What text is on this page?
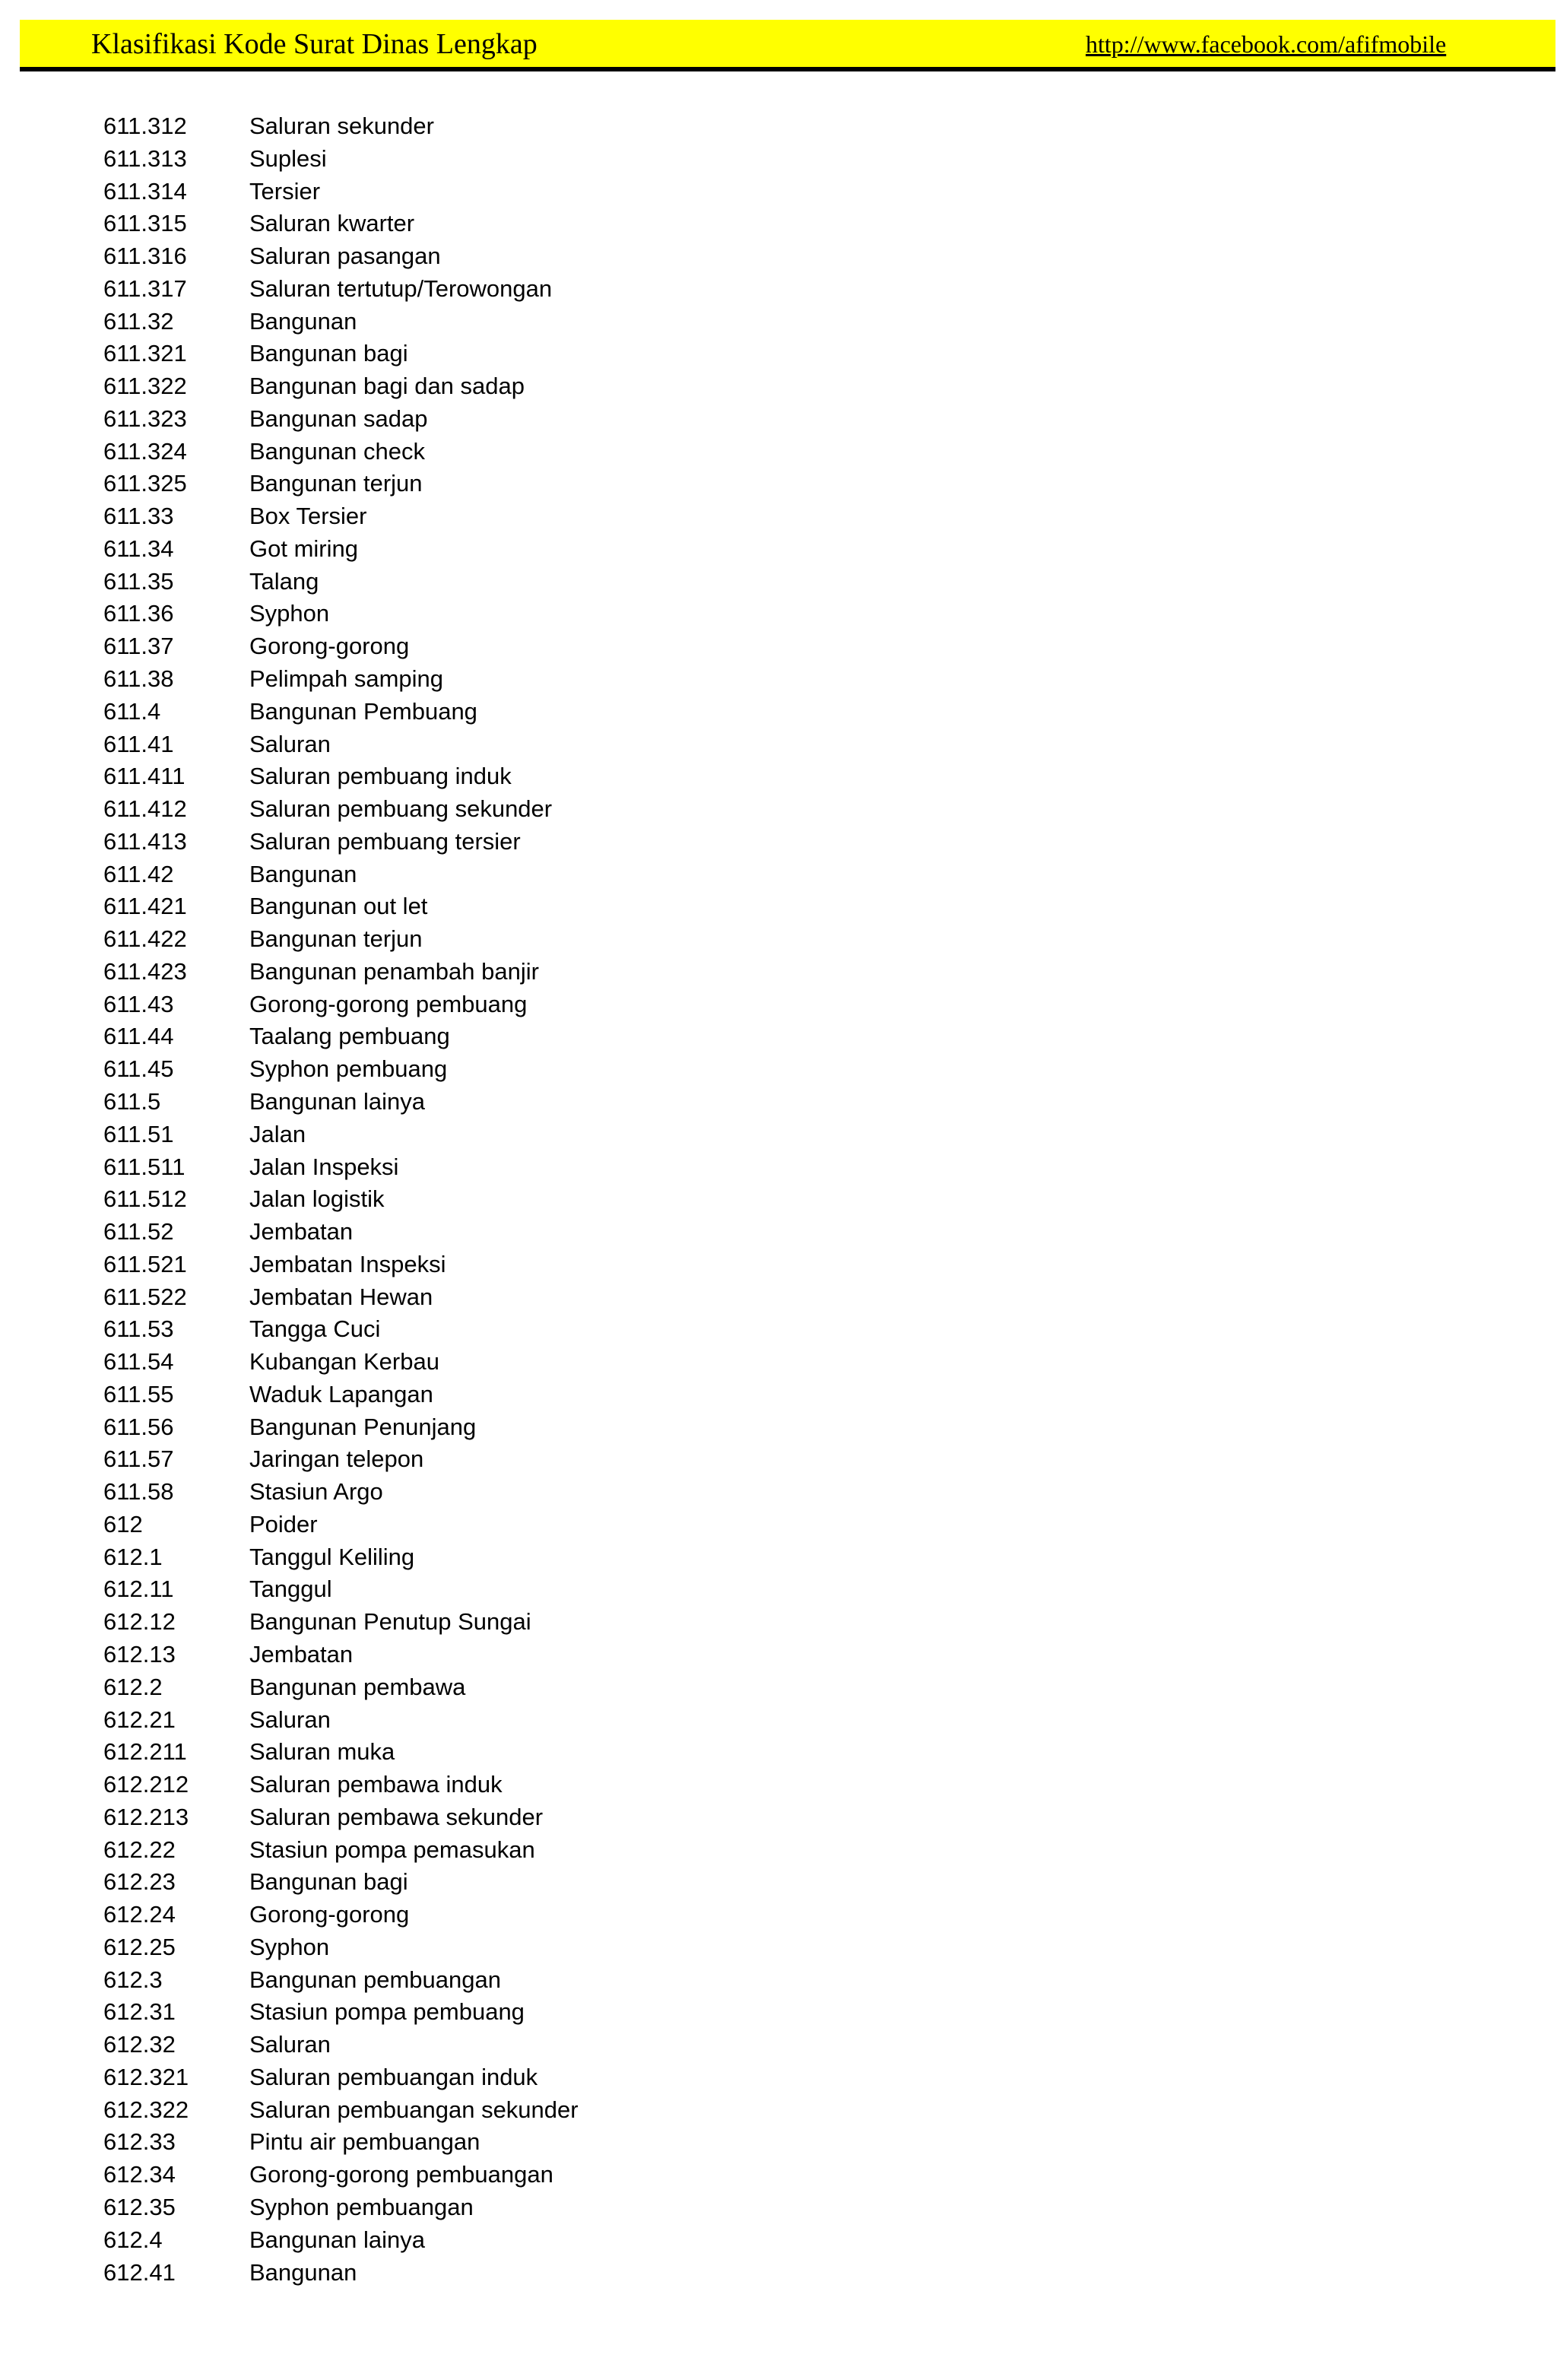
Klasifikasi Kode Surat Dinas Lengkap	http://www.facebook.com/afifmobile
611.312	Saluran sekunder
611.313	Suplesi
611.314	Tersier
611.315	Saluran kwarter
611.316	Saluran pasangan
611.317	Saluran tertutup/Terowongan
611.32	Bangunan
611.321	Bangunan bagi
611.322	Bangunan bagi dan sadap
611.323	Bangunan sadap
611.324	Bangunan check
611.325	Bangunan terjun
611.33	Box Tersier
611.34	Got miring
611.35	Talang
611.36	Syphon
611.37	Gorong-gorong
611.38	Pelimpah samping
611.4	Bangunan Pembuang
611.41	Saluran
611.411	Saluran pembuang induk
611.412	Saluran pembuang sekunder
611.413	Saluran pembuang tersier
611.42	Bangunan
611.421	Bangunan out let
611.422	Bangunan terjun
611.423	Bangunan penambah banjir
611.43	Gorong-gorong pembuang
611.44	Taalang pembuang
611.45	Syphon pembuang
611.5	Bangunan lainya
611.51	Jalan
611.511	Jalan Inspeksi
611.512	Jalan logistik
611.52	Jembatan
611.521	Jembatan Inspeksi
611.522	Jembatan Hewan
611.53	Tangga Cuci
611.54	Kubangan Kerbau
611.55	Waduk Lapangan
611.56	Bangunan Penunjang
611.57	Jaringan telepon
611.58	Stasiun Argo
612	Poider
612.1	Tanggul Keliling
612.11	Tanggul
612.12	Bangunan Penutup Sungai
612.13	Jembatan
612.2	Bangunan pembawa
612.21	Saluran
612.211	Saluran muka
612.212	Saluran pembawa induk
612.213	Saluran pembawa sekunder
612.22	Stasiun pompa pemasukan
612.23	Bangunan bagi
612.24	Gorong-gorong
612.25	Syphon
612.3	Bangunan pembuangan
612.31	Stasiun pompa pembuang
612.32	Saluran
612.321	Saluran pembuangan induk
612.322	Saluran pembuangan sekunder
612.33	Pintu air pembuangan
612.34	Gorong-gorong pembuangan
612.35	Syphon pembuangan
612.4	Bangunan lainya
612.41	Bangunan
